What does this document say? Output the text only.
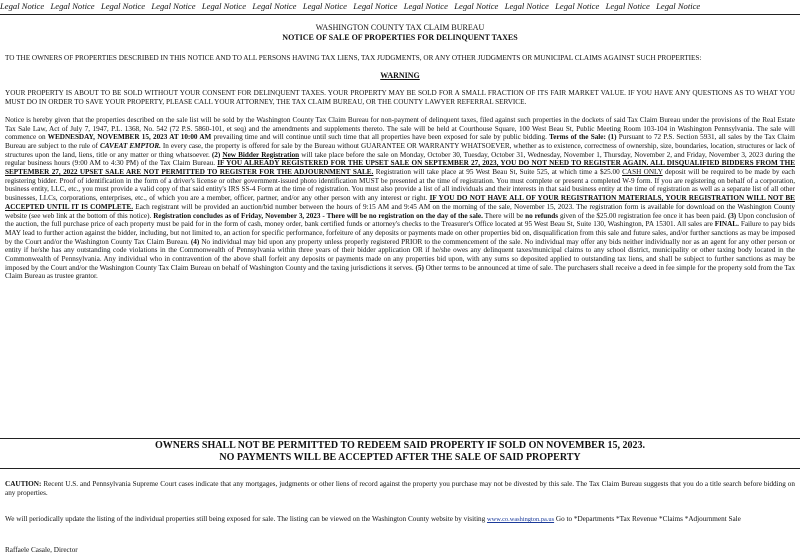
Legal Notice Legal Notice Legal Notice Legal Notice Legal Notice Legal Notice Legal Notice Legal Notice Legal Notice Legal Notice Legal Notice Legal Notice Legal Notice Legal Notice
WASHINGTON COUNTY TAX CLAIM BUREAU
NOTICE OF SALE OF PROPERTIES FOR DELINQUENT TAXES
TO THE OWNERS OF PROPERTIES DESCRIBED IN THIS NOTICE AND TO ALL PERSONS HAVING TAX LIENS, TAX JUDGMENTS, OR ANY OTHER JUDGMENTS OR MUNICIPAL CLAIMS AGAINST SUCH PROPERTIES:
WARNING
YOUR PROPERTY IS ABOUT TO BE SOLD WITHOUT YOUR CONSENT FOR DELINQUENT TAXES. YOUR PROPERTY MAY BE SOLD FOR A SMALL FRACTION OF ITS FAIR MARKET VALUE. IF YOU HAVE ANY QUESTIONS AS TO WHAT YOU MUST DO IN ORDER TO SAVE YOUR PROPERTY, PLEASE CALL YOUR ATTORNEY, THE TAX CLAIM BUREAU, OR THE COUNTY LAWYER REFERRAL SERVICE.
Notice is hereby given that the properties described on the sale list will be sold by the Washington County Tax Claim Bureau for non-payment of delinquent taxes, filed against such properties in the dockets of said Tax Claim Bureau under the provisions of the Real Estate Tax Sale Law, Act of July 7, 1947, P.L. 1368, No. 542 (72 P.S. 5860-101, et seq) and the amendments and supplements thereto. The sale will be held at Courthouse Square, 100 West Beau St, Public Meeting Room 103-104 in Washington Pennsylvania. The sale will commence on WEDNESDAY, NOVEMBER 15, 2023 AT 10:00 AM prevailing time and will continue until such time that all properties have been exposed for sale by public bidding. Terms of the Sale: (1) Pursuant to 72 P.S. Section 5931, all sales by the Tax Claim Bureau are subject to the rule of CAVEAT EMPTOR. In every case, the property is offered for sale by the Bureau without GUARANTEE OR WARRANTY WHATSOEVER, whether as to existence, correctness of ownership, size, boundaries, location, structures or lack of structures upon the land, liens, title or any matter or thing whatsoever. (2) New Bidder Registration will take place before the sale on Monday, October 30, Tuesday, October 31, Wednesday, November 1, Thursday, November 2, and Friday, November 3, 2023 during the regular business hours (9:00 AM to 4:30 PM) of the Tax Claim Bureau. IF YOU ALREADY REGISTERED FOR THE UPSET SALE ON SEPTEMBER 27, 2023, YOU DO NOT NEED TO REGISTER AGAIN. ALL DISQUALIFIED BIDDERS FROM THE SEPTEMBER 27, 2022 UPSET SALE ARE NOT PERMITTED TO REGISTER FOR THE ADJOURNMENT SALE. Registration will take place at 95 West Beau St, Suite 525, at which time a $25.00 CASH ONLY deposit will be required to be made by each registering bidder. Proof of identification in the form of a driver's license or other government-issued photo identification MUST be presented at the time of registration. You must complete or present a completed W-9 form. If you are registering on behalf of a corporation, business entity, LLC, etc., you must provide a valid copy of that said entity's IRS SS-4 Form at the time of registration. You must also provide a list of all individuals and their interests in that said business entity at the time of registration as well as a separate list of all other businesses, LLCs, corporations, enterprises, etc., of which you are a member, officer, partner, and/or any other person with any interest or right. IF YOU DO NOT HAVE ALL OF YOUR REGISTRATION MATERIALS, YOUR REGISTRATION WILL NOT BE ACCEPTED UNTIL IT IS COMPLETE. Each registrant will be provided an auction/bid number between the hours of 9:15 AM and 9:45 AM on the morning of the sale, November 15, 2023. The registration form is available for download on the Washington County website (see web link at the bottom of this notice). Registration concludes as of Friday, November 3, 2023 - There will be no registration on the day of the sale. There will be no refunds given of the $25.00 registration fee once it has been paid. (3) Upon conclusion of the auction, the full purchase price of each property must be paid for in the form of cash, money order, bank certified funds or attorney's checks to the Treasurer's Office located at 95 West Beau St, Suite 130, Washington, PA 15301. All sales are FINAL. Failure to pay bids MAY lead to further action against the bidder, including, but not limited to, an action for specific performance, forfeiture of any deposits or payments made on other properties bid on, disqualification from this sale and future sales, and/or further sanctions as may be imposed by the Court and/or the Washington County Tax Claim Bureau. (4) No individual may bid upon any property unless properly registered PRIOR to the commencement of the sale. No individual may offer any bids neither individually nor as an agent for any other person or entity if he/she has any outstanding code violations in the Commonwealth of Pennsylvania within three years of their bidder application OR if he/she owes any delinquent taxes/municipal claims to any school district, municipality or other taxing body located in the Commonwealth of Pennsylvania. Any individual who in contravention of the above shall forfeit any deposits or payments made on any properties bid upon, with any sums so deposited applied to outstanding tax liens, and shall be subject to further sanctions as may be imposed by the Court and/or the Washington County Tax Claim Bureau on behalf of Washington County and the taxing jurisdictions it serves. (5) Other terms to be announced at time of sale. The purchasers shall receive a deed in fee simple for the property sold from the Tax Claim Bureau as trustee grantor.
OWNERS SHALL NOT BE PERMITTED TO REDEEM SAID PROPERTY IF SOLD ON NOVEMBER 15, 2023.
NO PAYMENTS WILL BE ACCEPTED AFTER THE SALE OF SAID PROPERTY
CAUTION: Recent U.S. and Pennsylvania Supreme Court cases indicate that any mortgages, judgments or other liens of record against the property you purchase may not be divested by this sale. The Tax Claim Bureau suggests that you do a title search before bidding on any properties.
We will periodically update the listing of the individual properties still being exposed for sale. The listing can be viewed on the Washington County website by visiting www.co.washington.pa.us Go to *Departments *Tax Revenue *Claims *Adjournment Sale
Raffaele Casale, Director
